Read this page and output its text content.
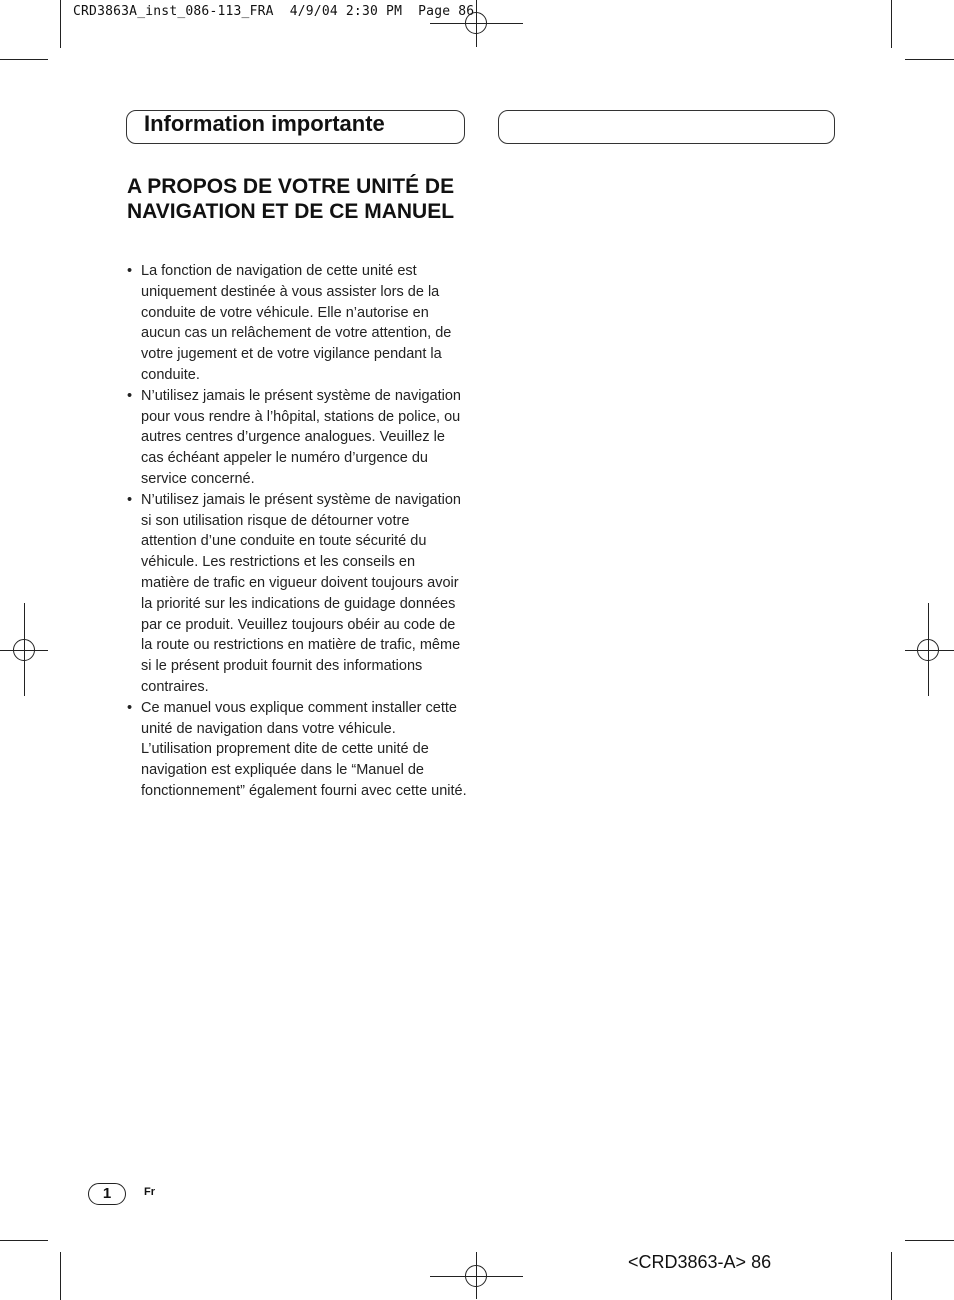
CRD3863A_inst_086-113_FRA  4/9/04 2:30 PM  Page 86
Information importante
A PROPOS DE VOTRE UNITÉ DE NAVIGATION ET DE CE MANUEL
• La fonction de navigation de cette unité est uniquement destinée à vous assister lors de la conduite de votre véhicule. Elle n’autorise en aucun cas un relâchement de votre attention, de votre jugement et de votre vigilance pendant la conduite.
• N’utilisez jamais le présent système de navigation pour vous rendre à l’hôpital, stations de police, ou autres centres d’urgence analogues. Veuillez le cas échéant appeler le numéro d’urgence du service concerné.
• N’utilisez jamais le présent système de navigation si son utilisation risque de détourner votre attention d’une conduite en toute sécurité du véhicule. Les restrictions et les conseils en matière de trafic en vigueur doivent toujours avoir la priorité sur les indications de guidage données par ce produit. Veuillez toujours obéir au code de la route ou restrictions en matière de trafic, même si le présent produit fournit des informations contraires.
• Ce manuel vous explique comment installer cette unité de navigation dans votre véhicule. L’utilisation proprement dite de cette unité de navigation est expliquée dans le “Manuel de fonctionnement” également fourni avec cette unité.
1	Fr
<CRD3863-A> 86
